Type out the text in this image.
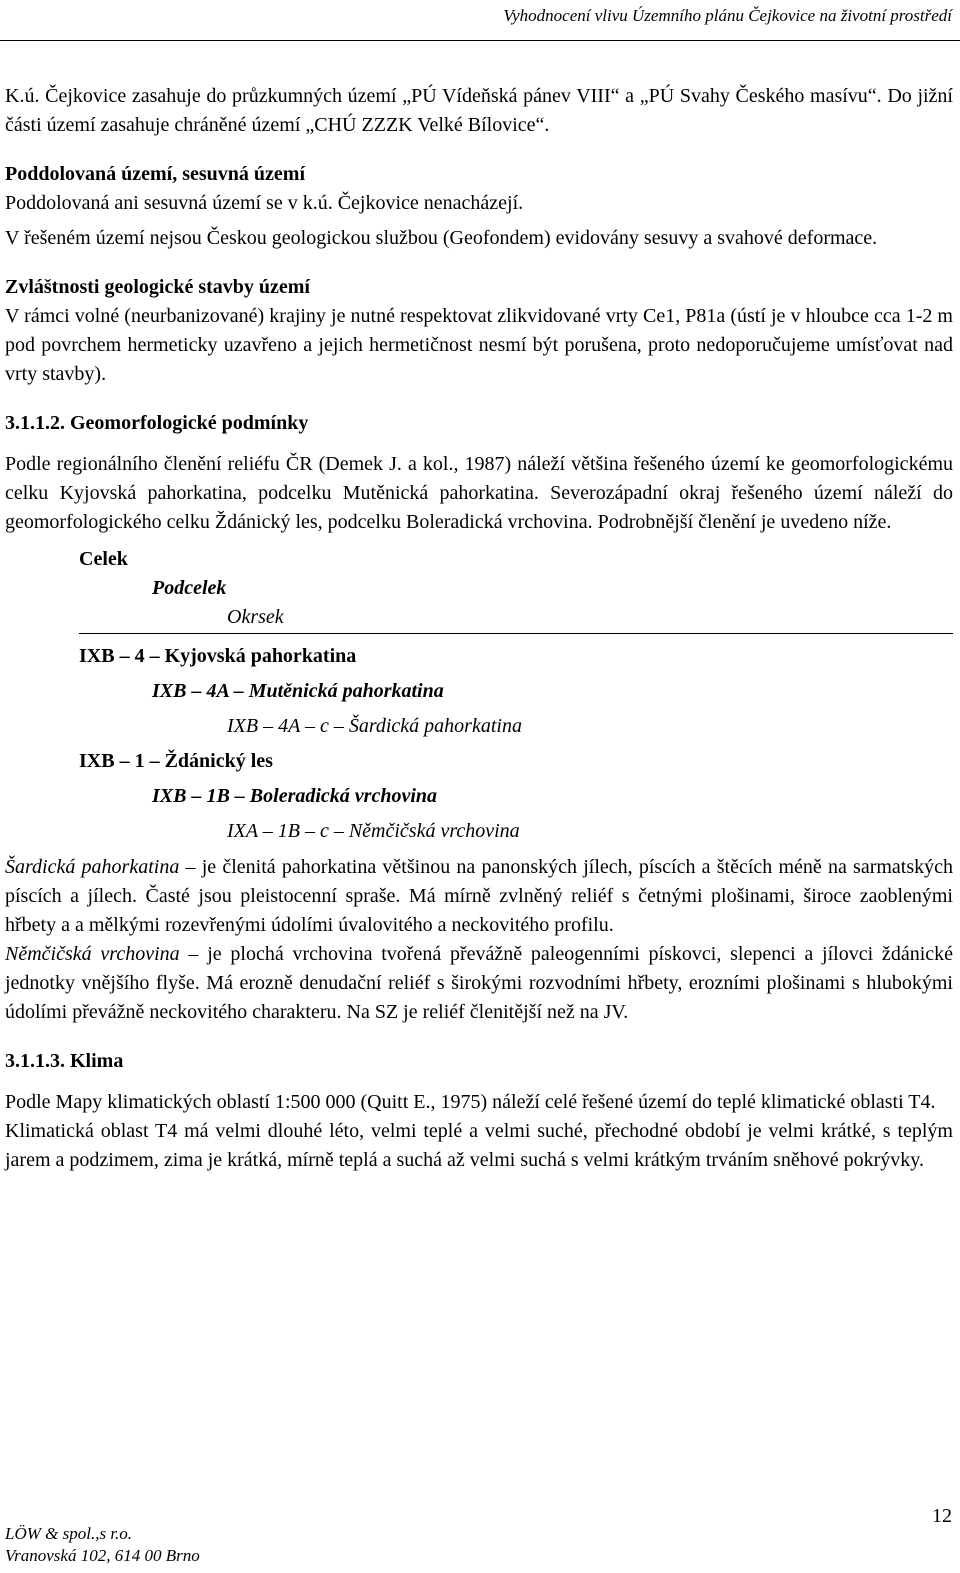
Vyhodnocení vlivu Územního plánu Čejkovice na životní prostředí

K.ú. Čejkovice zasahuje do průzkumných území „PÚ Vídeňská pánev VIII“ a „PÚ Svahy Českého masívu“. Do jižní části území zasahuje chráněné území „CHÚ ZZZK Velké Bílovice“.

Poddolovaná území, sesuvná území

Poddolovaná ani sesuvná území se v k.ú. Čejkovice nenacházejí.

V řešeném území nejsou Českou geologickou službou (Geofondem) evidovány sesuvy a svahové deformace.

Zvláštnosti geologické stavby území

V rámci volné (neurbanizované) krajiny je nutné respektovat zlikvidované vrty Ce1, P81a (ústí je v hloubce cca 1-2 m pod povrchem hermeticky uzavřeno a jejich hermetičnost nesmí být porušena, proto nedoporučujeme umísťovat nad vrty stavby).

3.1.1.2. Geomorfologické podmínky

Podle regionálního členění reliéfu ČR (Demek J. a kol., 1987) náleží většina řešeného území ke geomorfologickému celku Kyjovská pahorkatina, podcelku Mutěnická pahorkatina. Severozápadní okraj řešeného území náleží do geomorfologického celku Ždánický les, podcelku Boleradická vrchovina. Podrobnější členění je uvedeno níže.

Celek
Podcelek
Okrsek
IXB – 4 – Kyjovská pahorkatina
IXB – 4A – Mutěnická pahorkatina
IXB – 4A – c – Šardická pahorkatina
IXB – 1 – Ždánický les
IXB – 1B – Boleradická vrchovina
IXA – 1B – c – Němčičská vrchovina

Šardická pahorkatina – je členitá pahorkatina většinou na panonských jílech, píscích a štěcích méně na sarmatských píscích a jílech. Časté jsou pleistocenní spraše. Má mírně zvlněný reliéf s četnými plošinami, široce zaoblenými hřbety a a mělkými rozevřenými údolími úvalovitého a neckovitého profilu.

Němčičská vrchovina – je plochá vrchovina tvořená převážně paleogenními pískovci, slepenci a jílovci ždánické jednotky vnějšího flyše. Má erozně denudační reliéf s širokými rozvodními hřbety, erozními plošinami s hlubokými údolími převážně neckovitého charakteru. Na SZ je reliéf členitější než na JV.

3.1.1.3. Klima

Podle Mapy klimatických oblastí 1:500 000 (Quitt E., 1975) náleží celé řešené území do teplé klimatické oblasti T4.

Klimatická oblast T4 má velmi dlouhé léto, velmi teplé a velmi suché, přechodné období je velmi krátké, s teplým jarem a podzimem, zima je krátká, mírně teplá a suchá až velmi suchá s velmi krátkým trváním sněhové pokrývky.

LÖW & spol.,s r.o.
Vranovská 102, 614 00 Brno
12
